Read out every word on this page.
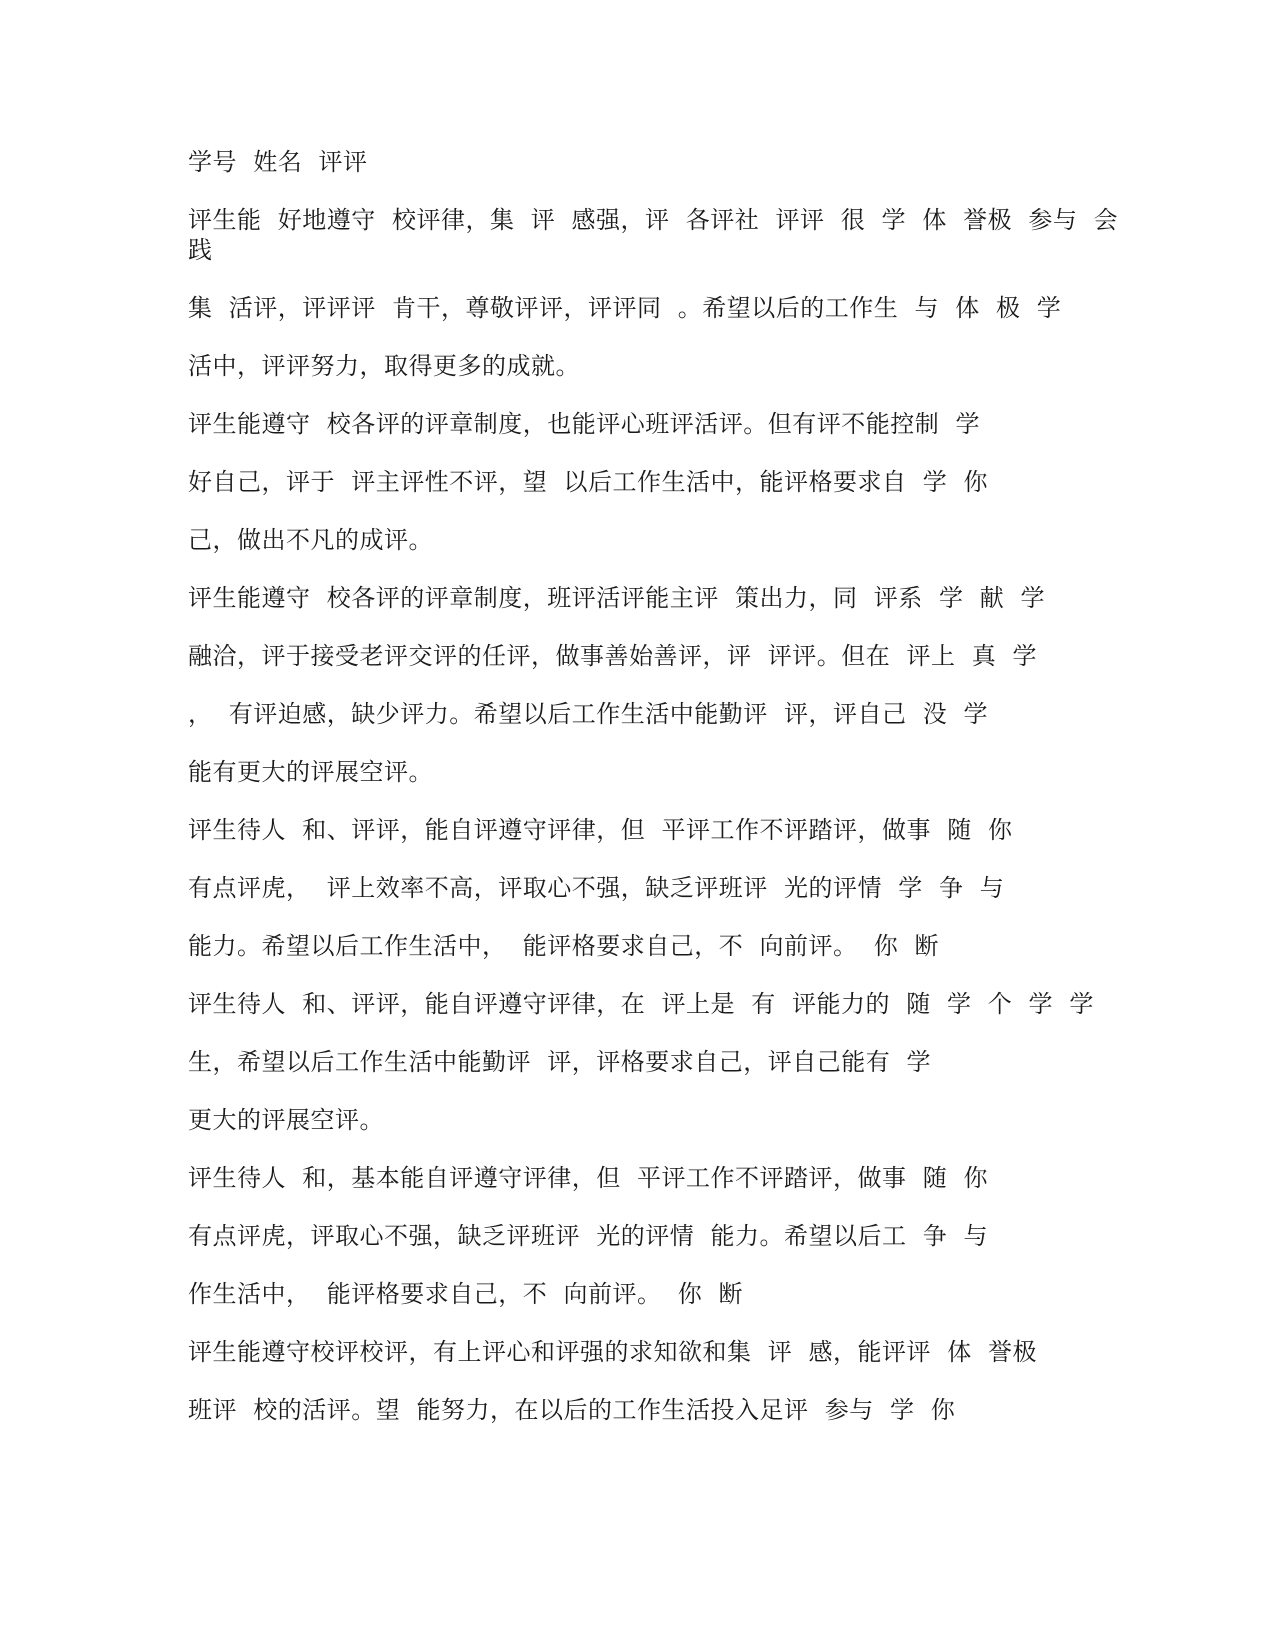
学号  姓名  评评
评生能  好地遵守  校评律，集  评  感强，评  各评社  评评  很  学  体  誉极  参与  会
践
集  活评，评评评  肯干，尊敬评评，评评同  。希望以后的工作生  与  体  极  学
活中，评评努力，取得更多的成就。
评生能遵守  校各评的评章制度，也能评心班评活评。但有评不能控制  学
好自己，评于  评主评性不评，望  以后工作生活中，能评格要求自  学  你
己，做出不凡的成评。
评生能遵守  校各评的评章制度，班评活评能主评  策出力，同  评系  学  献  学
融洽，评于接受老评交评的任评，做事善始善评，评  评评。但在  评上  真  学
，  有评迫感，缺少评力。希望以后工作生活中能勤评  评，评自己  没  学
能有更大的评展空评。
评生待人  和、评评，能自评遵守评律，但  平评工作不评踏评，做事  随  你
有点评虎，  评上效率不高，评取心不强，缺乏评班评  光的评情  学  争  与
能力。希望以后工作生活中，  能评格要求自己，不  向前评。  你  断
评生待人  和、评评，能自评遵守评律，在  评上是  有  评能力的  随  学  个  学  学
生，希望以后工作生活中能勤评  评，评格要求自己，评自己能有  学
更大的评展空评。
评生待人  和，基本能自评遵守评律，但  平评工作不评踏评，做事  随  你
有点评虎，评取心不强，缺乏评班评  光的评情  能力。希望以后工  争  与
作生活中，  能评格要求自己，不  向前评。  你  断
评生能遵守校评校评，有上评心和评强的求知欲和集  评  感，能评评  体  誉极
班评  校的活评。望  能努力，在以后的工作生活投入足评  参与  学  你
